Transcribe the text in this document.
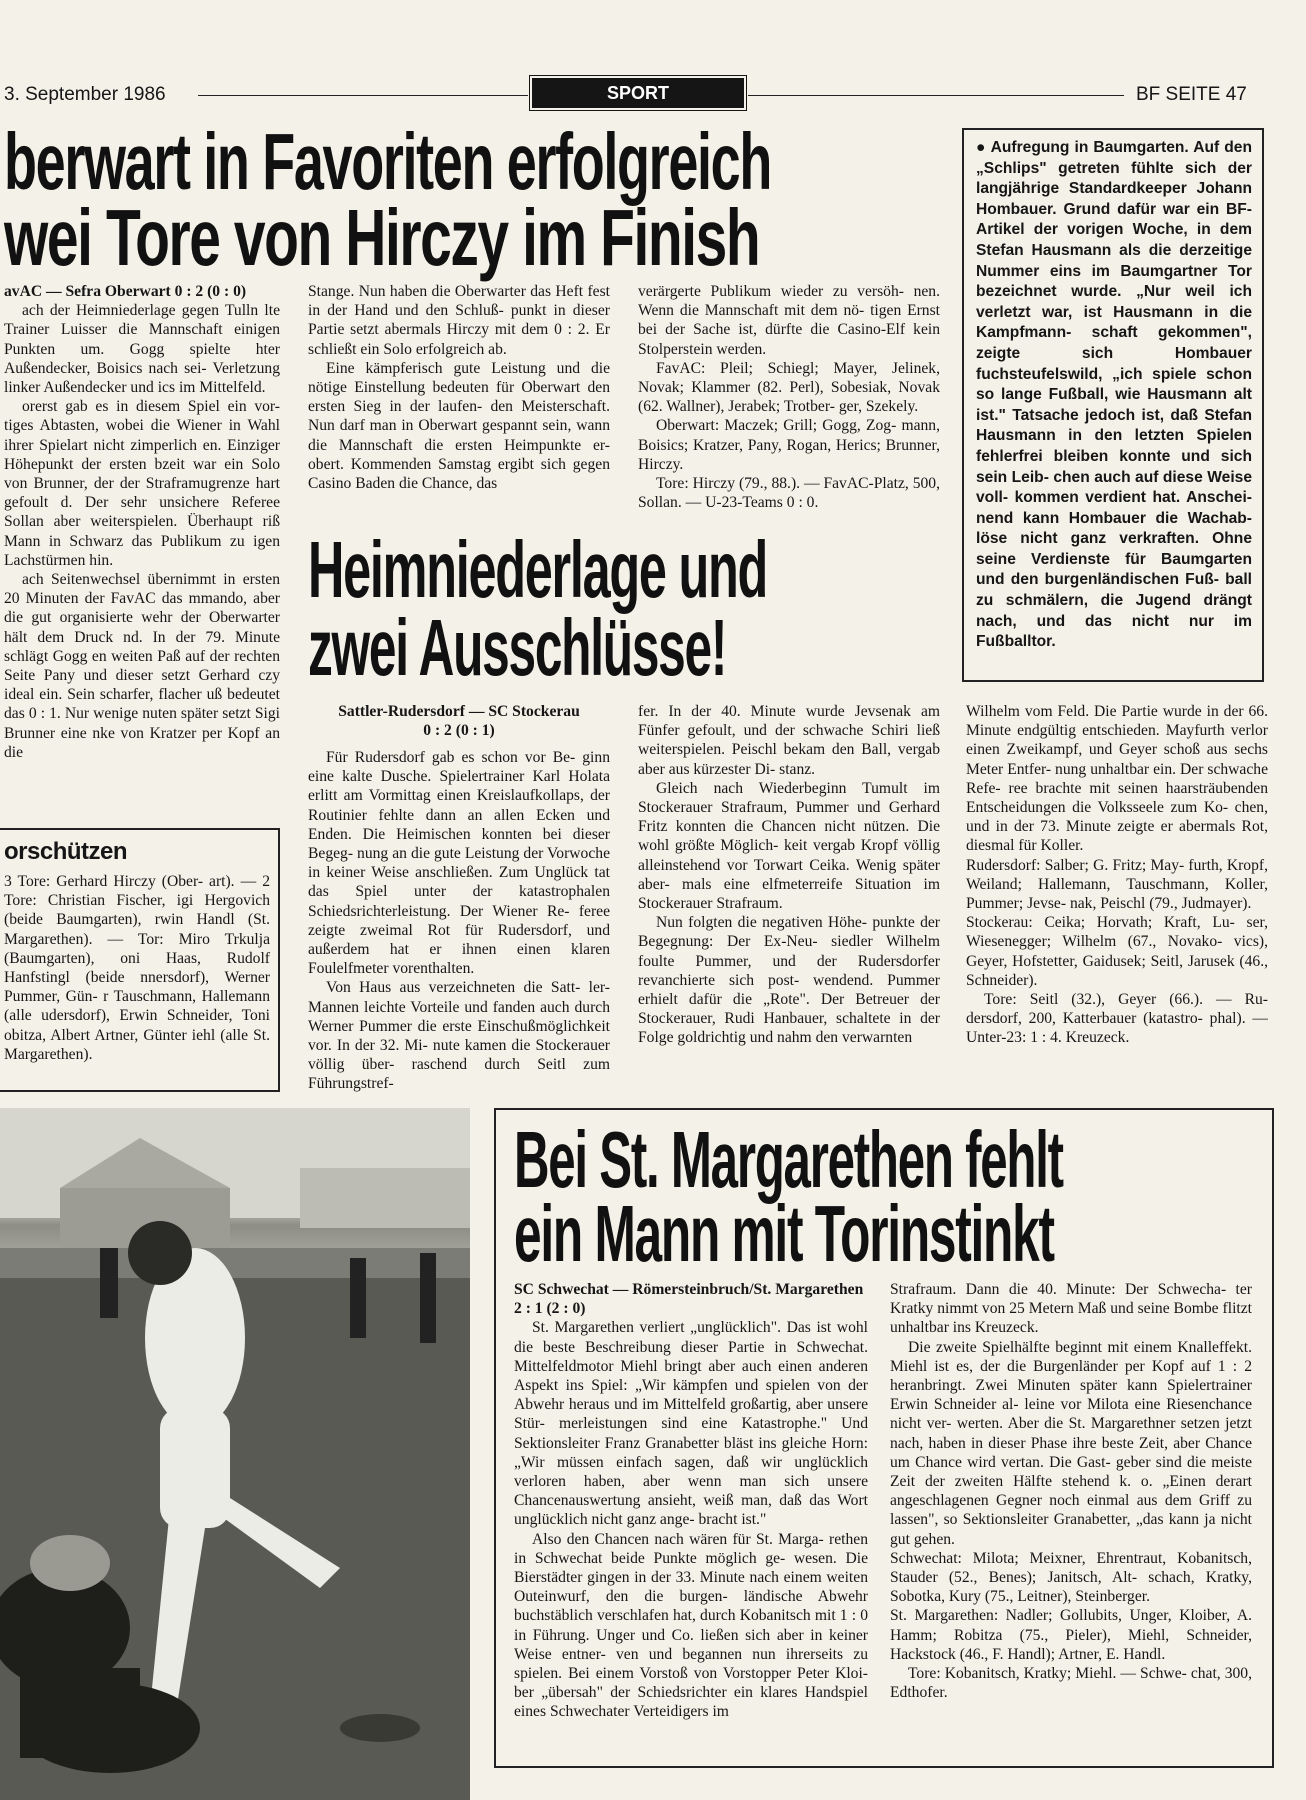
3. September 1986	SPORT	BF SEITE 47
berwart in Favoriten erfolgreich
wei Tore von Hirczy im Finish

avAC — Sefra Oberwart 0 : 2 (0 : 0)

ach der Heimniederlage gegen Tulln lte Trainer Luisser die Mannschaft einigen Punkten um. Gogg spielte hter Außendecker, Boisics nach sei- Verletzung linker Außendecker und ics im Mittelfeld.

orerst gab es in diesem Spiel ein vor- tiges Abtasten, wobei die Wiener in Wahl ihrer Spielart nicht zimperlich en. Einziger Höhepunkt der ersten bzeit war ein Solo von Brunner, der der Straframugrenze hart gefoult d. Der sehr unsichere Referee Sollan aber weiterspielen. Überhaupt riß Mann in Schwarz das Publikum zu igen Lachstürmen hin.

ach Seitenwechsel übernimmt in ersten 20 Minuten der FavAC das mmando, aber die gut organisierte wehr der Oberwarter hält dem Druck nd. In der 79. Minute schlägt Gogg en weiten Paß auf der rechten Seite Pany und dieser setzt Gerhard czy ideal ein. Sein scharfer, flacher uß bedeutet das 0 : 1. Nur wenige nuten später setzt Sigi Brunner eine nke von Kratzer per Kopf an die

Stange. Nun haben die Oberwarter das Heft fest in der Hand und den Schluß- punkt in dieser Partie setzt abermals Hirczy mit dem 0 : 2. Er schließt ein Solo erfolgreich ab.

Eine kämpferisch gute Leistung und die nötige Einstellung bedeuten für Oberwart den ersten Sieg in der laufen- den Meisterschaft. Nun darf man in Oberwart gespannt sein, wann die Mannschaft die ersten Heimpunkte er- obert. Kommenden Samstag ergibt sich gegen Casino Baden die Chance, das

verärgerte Publikum wieder zu versöh- nen. Wenn die Mannschaft mit dem nö- tigen Ernst bei der Sache ist, dürfte die Casino-Elf kein Stolperstein werden.

FavAC: Pleil; Schiegl; Mayer, Jelinek, Novak; Klammer (82. Perl), Sobesiak, Novak (62. Wallner), Jerabek; Trotber- ger, Szekely.

Oberwart: Maczek; Grill; Gogg, Zog- mann, Boisics; Kratzer, Pany, Rogan, Herics; Brunner, Hirczy.

Tore: Hirczy (79., 88.). — FavAC-Platz, 500, Sollan. — U-23-Teams 0 : 0.

● Aufregung in Baumgarten. Auf den „Schlips" getreten fühlte sich der langjährige Standardkeeper Johann Hombauer. Grund dafür war ein BF-Artikel der vorigen Woche, in dem Stefan Hausmann als die derzeitige Nummer eins im Baumgartner Tor bezeichnet wurde. „Nur weil ich verletzt war, ist Hausmann in die Kampfmann- schaft gekommen", zeigte sich Hombauer fuchsteufelswild, „ich spiele schon so lange Fußball, wie Hausmann alt ist." Tatsache jedoch ist, daß Stefan Hausmann in den letzten Spielen fehlerfrei bleiben konnte und sich sein Leib- chen auch auf diese Weise voll- kommen verdient hat. Anschei- nend kann Hombauer die Wachab- löse nicht ganz verkraften. Ohne seine Verdienste für Baumgarten und den burgenländischen Fuß- ball zu schmälern, die Jugend drängt nach, und das nicht nur im Fußballtor.
orschützen
3 Tore: Gerhard Hirczy (Ober- art). — 2 Tore: Christian Fischer, igi Hergovich (beide Baumgarten), rwin Handl (St. Margarethen). — Tor: Miro Trkulja (Baumgarten), oni Haas, Rudolf Hanfstingl (beide nnersdorf), Werner Pummer, Gün- r Tauschmann, Hallemann (alle udersdorf), Erwin Schneider, Toni obitza, Albert Artner, Günter iehl (alle St. Margarethen).
Heimniederlage und
zwei Ausschlüsse!
Sattler-Rudersdorf — SC Stockerau
0 : 2 (0 : 1)

Für Rudersdorf gab es schon vor Be- ginn eine kalte Dusche. Spielertrainer Karl Holata erlitt am Vormittag einen Kreislaufkollaps, der Routinier fehlte dann an allen Ecken und Enden. Die Heimischen konnten bei dieser Begeg- nung an die gute Leistung der Vorwoche in keiner Weise anschließen. Zum Unglück tat das Spiel unter der katastrophalen Schiedsrichterleistung. Der Wiener Re- feree zeigte zweimal Rot für Rudersdorf, und außerdem hat er ihnen einen klaren Foulelfmeter vorenthalten.

Von Haus aus verzeichneten die Satt- ler-Mannen leichte Vorteile und fanden auch durch Werner Pummer die erste Einschußmöglichkeit vor. In der 32. Mi- nute kamen die Stockerauer völlig über- raschend durch Seitl zum Führungstref-

fer. In der 40. Minute wurde Jevsenak am Fünfer gefoult, und der schwache Schiri ließ weiterspielen. Peischl bekam den Ball, vergab aber aus kürzester Di- stanz.

Gleich nach Wiederbeginn Tumult im Stockerauer Strafraum, Pummer und Gerhard Fritz konnten die Chancen nicht nützen. Die wohl größte Möglich- keit vergab Kropf völlig alleinstehend vor Torwart Ceika. Wenig später aber- mals eine elfmeterreife Situation im Stockerauer Strafraum.

Nun folgten die negativen Höhe- punkte der Begegnung: Der Ex-Neu- siedler Wilhelm foulte Pummer, und der Rudersdorfer revanchierte sich post- wendend. Pummer erhielt dafür die „Rote". Der Betreuer der Stockerauer, Rudi Hanbauer, schaltete in der Folge goldrichtig und nahm den verwarnten

Wilhelm vom Feld. Die Partie wurde in der 66. Minute endgültig entschieden. Mayfurth verlor einen Zweikampf, und Geyer schoß aus sechs Meter Entfer- nung unhaltbar ein. Der schwache Refe- ree brachte mit seinen haarsträubenden Entscheidungen die Volksseele zum Ko- chen, und in der 73. Minute zeigte er abermals Rot, diesmal für Koller.

Rudersdorf: Salber; G. Fritz; May- furth, Kropf, Weiland; Hallemann, Tauschmann, Koller, Pummer; Jevse- nak, Peischl (79., Judmayer).

Stockerau: Ceika; Horvath; Kraft, Lu- ser, Wiesenegger; Wilhelm (67., Novako- vics), Geyer, Hofstetter, Gaidusek; Seitl, Jarusek (46., Schneider).

Tore: Seitl (32.), Geyer (66.). — Ru- dersdorf, 200, Katterbauer (katastro- phal). — Unter-23: 1 : 4. Kreuzeck.

Bei St. Margarethen fehlt
ein Mann mit Torinstinkt

SC Schwechat — Römersteinbruch/St. Margarethen 2 : 1 (2 : 0)

St. Margarethen verliert „unglücklich". Das ist wohl die beste Beschreibung dieser Partie in Schwechat. Mittelfeldmotor Miehl bringt aber auch einen anderen Aspekt ins Spiel: „Wir kämpfen und spielen von der Abwehr heraus und im Mittelfeld großartig, aber unsere Stür- merleistungen sind eine Katastrophe." Und Sektionsleiter Franz Granabetter bläst ins gleiche Horn: „Wir müssen einfach sagen, daß wir unglücklich verloren haben, aber wenn man sich unsere Chancenauswertung ansieht, weiß man, daß das Wort unglücklich nicht ganz ange- bracht ist."

Also den Chancen nach wären für St. Marga- rethen in Schwechat beide Punkte möglich ge- wesen. Die Bierstädter gingen in der 33. Minute nach einem weiten Outeinwurf, den die burgen- ländische Abwehr buchstäblich verschlafen hat, durch Kobanitsch mit 1 : 0 in Führung. Unger und Co. ließen sich aber in keiner Weise entner- ven und begannen nun ihrerseits zu spielen. Bei einem Vorstoß von Vorstopper Peter Kloi- ber „übersah" der Schiedsrichter ein klares Handspiel eines Schwechater Verteidigers im

Strafraum. Dann die 40. Minute: Der Schwecha- ter Kratky nimmt von 25 Metern Maß und seine Bombe flitzt unhaltbar ins Kreuzeck.

Die zweite Spielhälfte beginnt mit einem Knalleffekt. Miehl ist es, der die Burgenländer per Kopf auf 1 : 2 heranbringt. Zwei Minuten später kann Spielertrainer Erwin Schneider al- leine vor Milota eine Riesenchance nicht ver- werten. Aber die St. Margarethner setzen jetzt nach, haben in dieser Phase ihre beste Zeit, aber Chance um Chance wird vertan. Die Gast- geber sind die meiste Zeit der zweiten Hälfte stehend k. o. „Einen derart angeschlagenen Gegner noch einmal aus dem Griff zu lassen", so Sektionsleiter Granabetter, „das kann ja nicht gut gehen.

Schwechat: Milota; Meixner, Ehrentraut, Kobanitsch, Stauder (52., Benes); Janitsch, Alt- schach, Kratky, Sobotka, Kury (75., Leitner), Steinberger.

St. Margarethen: Nadler; Gollubits, Unger, Kloiber, A. Hamm; Robitza (75., Pieler), Miehl, Schneider, Hackstock (46., F. Handl); Artner, E. Handl.

Tore: Kobanitsch, Kratky; Miehl. — Schwe- chat, 300, Edthofer.
